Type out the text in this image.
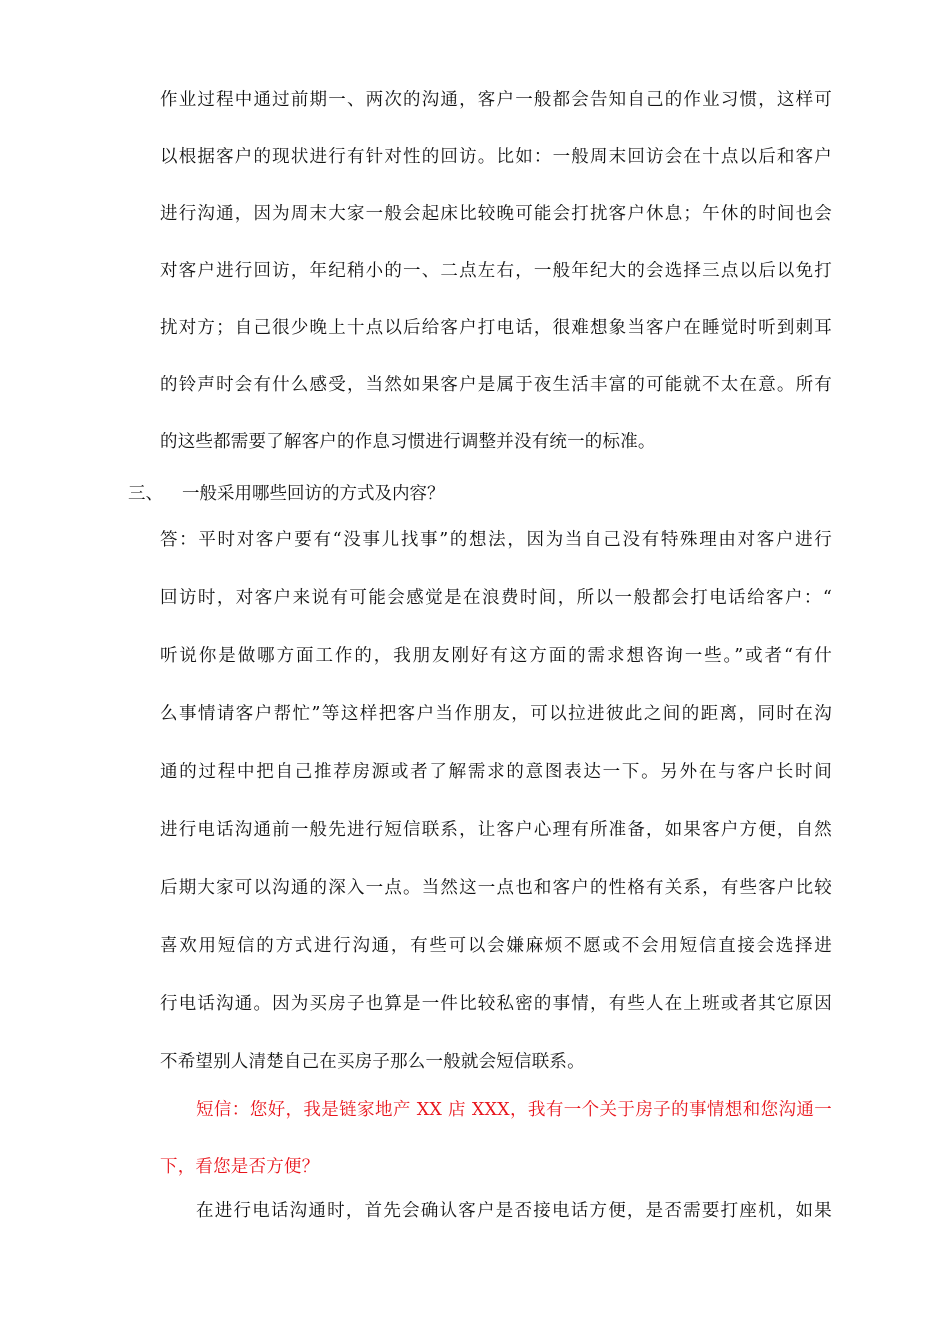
作业过程中通过前期一、两次的沟通，客户一般都会告知自己的作业习惯，这样可
以根据客户的现状进行有针对性的回访。比如：一般周末回访会在十点以后和客户
进行沟通，因为周末大家一般会起床比较晚可能会打扰客户休息；午休的时间也会
对客户进行回访，年纪稍小的一、二点左右，一般年纪大的会选择三点以后以免打
扰对方；自己很少晚上十点以后给客户打电话，很难想象当客户在睡觉时听到刺耳
的铃声时会有什么感受，当然如果客户是属于夜生活丰富的可能就不太在意。所有
的这些都需要了解客户的作息习惯进行调整并没有统一的标准。
三、 一般采用哪些回访的方式及内容？
答：平时对客户要有“没事儿找事”的想法，因为当自己没有特殊理由对客户进行
回访时，对客户来说有可能会感觉是在浪费时间，所以一般都会打电话给客户：“
听说你是做哪方面工作的，我朋友刚好有这方面的需求想咨询一些。”或者“有什
么事情请客户帮忙”等这样把客户当作朋友，可以拉进彼此之间的距离，同时在沟
通的过程中把自己推荐房源或者了解需求的意图表达一下。另外在与客户长时间
进行电话沟通前一般先进行短信联系，让客户心理有所准备，如果客户方便，自然
后期大家可以沟通的深入一点。当然这一点也和客户的性格有关系，有些客户比较
喜欢用短信的方式进行沟通，有些可以会嫌麻烦不愿或不会用短信直接会选择进
行电话沟通。因为买房子也算是一件比较私密的事情，有些人在上班或者其它原因
不希望别人清楚自己在买房子那么一般就会短信联系。
短信：您好，我是链家地产 XX 店 XXX，我有一个关于房子的事情想和您沟通一
下，看您是否方便？
在进行电话沟通时，首先会确认客户是否接电话方便，是否需要打座机，如果
